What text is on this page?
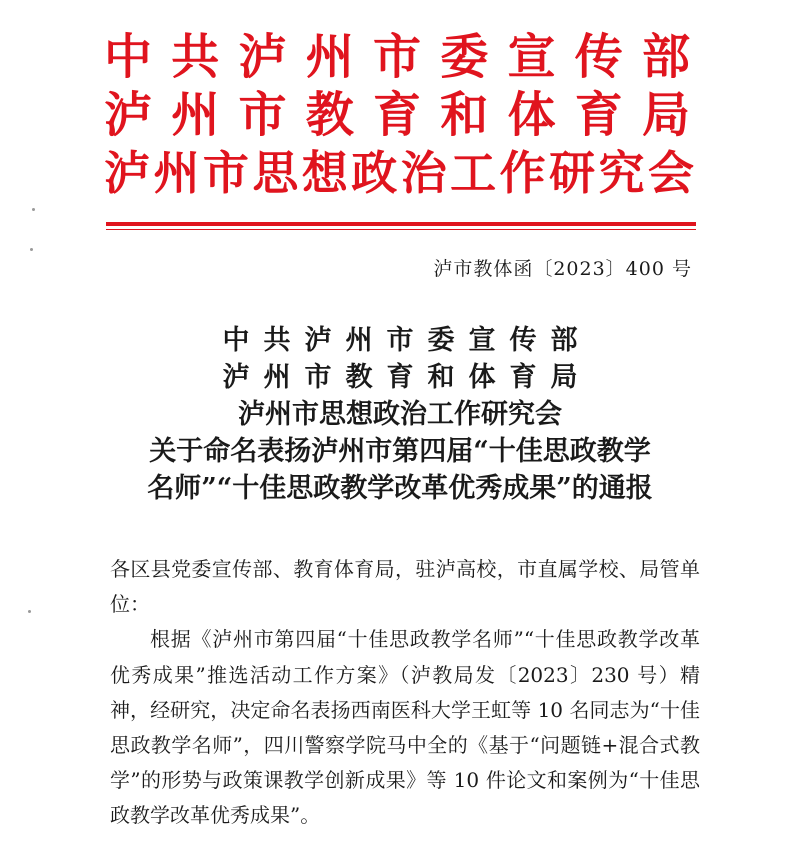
中共泸州市委宣传部
泸州市教育和体育局
泸州市思想政治工作研究会
泸市教体函〔2023〕400 号
中共泸州市委宣传部
泸州市教育和体育局
泸州市思想政治工作研究会
关于命名表扬泸州市第四届“十佳思政教学
名师”“十佳思政教学改革优秀成果”的通报
各区县党委宣传部、教育体育局，驻泸高校，市直属学校、局管单位：
根据《泸州市第四届“十佳思政教学名师”“十佳思政教学改革优秀成果”推选活动工作方案》（泸教局发〔2023〕230 号）精神，经研究，决定命名表扬西南医科大学王虹等 10 名同志为“十佳思政教学名师”，四川警察学院马中全的《基于“问题链+混合式教学”的形势与政策课教学创新成果》等 10 件论文和案例为“十佳思政教学改革优秀成果”。
